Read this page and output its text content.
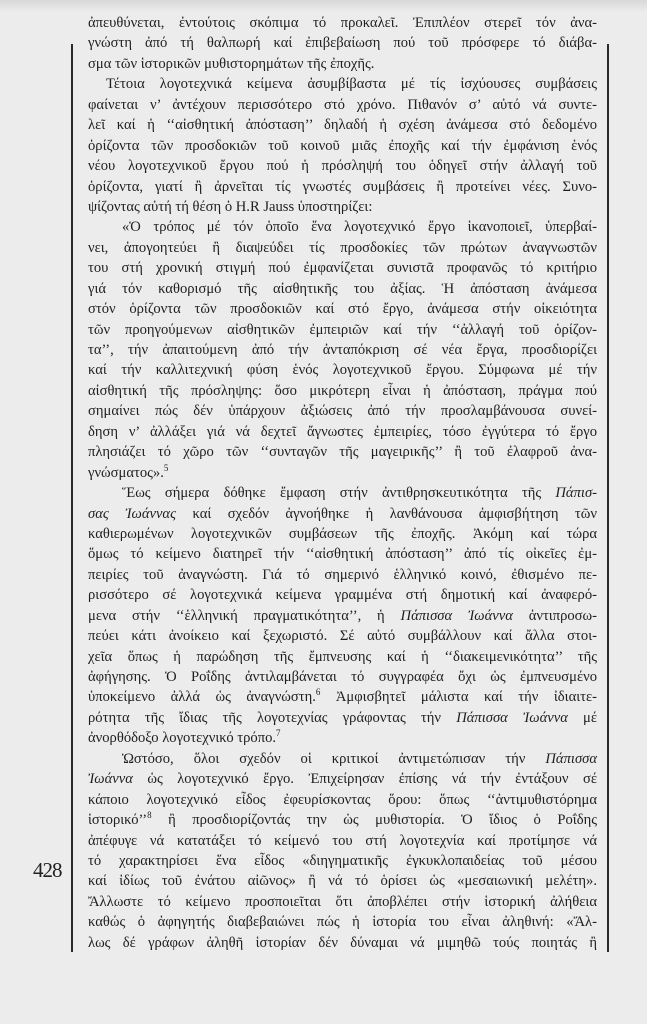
428
ἀπευθύνεται, ἐντούτοις σκόπιμα τό προκαλεῖ. Ἐπιπλέον στερεῖ τόν ἀνα-
γνώστη ἀπό τή θαλπωρή καί ἐπιβεβαίωση πού τοῦ πρόσφερε τό διάβα-
σμα τῶν ἱστορικῶν μυθιστορημάτων τῆς ἐποχῆς.
Τέτοια λογοτεχνικά κείμενα ἀσυμβίβαστα μέ τίς ἰσχύουσες συμβάσεις
φαίνεται ν’ ἀντέχουν περισσότερο στό χρόνο. Πιθανόν σ’ αὐτό νά συντε-
λεῖ καί ἡ ‘‘αἰσθητική ἀπόσταση’’ δηλαδή ἡ σχέση ἀνάμεσα στό δεδομένο
ὁρίζοντα τῶν προσδοκιῶν τοῦ κοινοῦ μιᾶς ἐποχῆς καί τήν ἐμφάνιση ἑνός
νέου λογοτεχνικοῦ ἔργου πού ἡ πρόσληψή του ὁδηγεῖ στήν ἀλλαγή τοῦ
ὁρίζοντα, γιατί ἢ ἀρνεῖται τίς γνωστές συμβάσεις ἢ προτείνει νέες. Συνο-
ψίζοντας αὐτή τή θέση ὁ H.R Jauss ὑποστηρίζει:
«Ὁ τρόπος μέ τόν ὁποῖο ἕνα λογοτεχνικό ἔργο ἱκανοποιεῖ, ὑπερβαί-
νει, ἀπογοητεύει ἢ διαψεύδει τίς προσδοκίες τῶν πρώτων ἀναγνωστῶν
του στή χρονική στιγμή πού ἐμφανίζεται συνιστᾶ προφανῶς τό κριτήριο
γιά τόν καθορισμό τῆς αἰσθητικῆς του ἀξίας. Ἡ ἀπόσταση ἀνάμεσα
στόν ὁρίζοντα τῶν προσδοκιῶν καί στό ἔργο, ἀνάμεσα στήν οἰκειότητα
τῶν προηγούμενων αἰσθητικῶν ἐμπειριῶν καί τήν ‘‘ἀλλαγή τοῦ ὁρίζον-
τα’’, τήν ἀπαιτούμενη ἀπό τήν ἀνταπόκριση σέ νέα ἔργα, προσδιορίζει
καί τήν καλλιτεχνική φύση ἑνός λογοτεχνικοῦ ἔργου. Σύμφωνα μέ τήν
αἰσθητική τῆς πρόσληψης: ὅσο μικρότερη εἶναι ἡ ἀπόσταση, πράγμα πού
σημαίνει πώς δέν ὑπάρχουν ἀξιώσεις ἀπό τήν προσλαμβάνουσα συνεί-
δηση ν’ ἀλλάξει γιά νά δεχτεῖ ἄγνωστες ἐμπειρίες, τόσο ἐγγύτερα τό ἔργο
πλησιάζει τό χῶρο τῶν ‘‘συνταγῶν τῆς μαγειρικῆς’’ ἢ τοῦ ἐλαφροῦ ἀνα-
γνώσματος».$^5$
Ἕως σήμερα δόθηκε ἔμφαση στήν ἀντιθρησκευτικότητα τῆς Πάπισ-
σας Ἰωάννας καί σχεδόν ἀγνοήθηκε ἡ λανθάνουσα ἀμφισβήτηση τῶν
καθιερωμένων λογοτεχνικῶν συμβάσεων τῆς ἐποχῆς. Ἀκόμη καί τώρα
ὅμως τό κείμενο διατηρεῖ τήν ‘‘αἰσθητική ἀπόσταση’’ ἀπό τίς οἰκεῖες ἐμ-
πειρίες τοῦ ἀναγνώστη. Γιά τό σημερινό ἑλληνικό κοινό, ἐθισμένο πε-
ρισσότερο σέ λογοτεχνικά κείμενα γραμμένα στή δημοτική καί ἀναφερό-
μενα στήν ‘‘ἑλληνική πραγματικότητα’’, ἡ Πάπισσα Ἰωάννα ἀντιπροσω-
πεύει κάτι ἀνοίκειο καί ξεχωριστό. Σέ αὐτό συμβάλλουν καί ἄλλα στοι-
χεῖα ὅπως ἡ παρώδηση τῆς ἔμπνευσης καί ἡ ‘‘διακειμενικότητα’’ τῆς
ἀφήγησης. Ὁ Ροΐδης ἀντιλαμβάνεται τό συγγραφέα ὄχι ὡς ἐμπνευσμένο
ὑποκείμενο ἀλλά ὡς ἀναγνώστη.$^6$ Ἀμφισβητεῖ μάλιστα καί τήν ἰδιαιτε-
ρότητα τῆς ἴδιας τῆς λογοτεχνίας γράφοντας τήν Πάπισσα Ἰωάννα μέ
ἀνορθόδοξο λογοτεχνικό τρόπο.$^7$
Ὡστόσο, ὅλοι σχεδόν οἱ κριτικοί ἀντιμετώπισαν τήν Πάπισσα
Ἰωάννα ὡς λογοτεχνικό ἔργο. Ἐπιχείρησαν ἐπίσης νά τήν ἐντάξουν σέ
κάποιο λογοτεχνικό εἶδος ἐφευρίσκοντας ὅρου: ὅπως ‘‘ἀντιμυθιστόρημα
ἱστορικό’’$^8$ ἢ προσδιορίζοντάς την ὡς μυθιστορία. Ὁ ἴδιος ὁ Ροΐδης
ἀπέφυγε νά κατατάξει τό κείμενό του στή λογοτεχνία καί προτίμησε νά
τό χαρακτηρίσει ἕνα εἶδος «διηγηματικῆς ἐγκυκλοπαιδείας τοῦ μέσου
καί ἰδίως τοῦ ἐνάτου αἰῶνος» ἢ νά τό ὁρίσει ὡς «μεσαιωνική μελέτη».
Ἄλλωστε τό κείμενο προσποιεῖται ὅτι ἀποβλέπει στήν ἱστορική ἀλήθεια
καθώς ὁ ἀφηγητής διαβεβαιώνει πώς ἡ ἱστορία του εἶναι ἀληθινή: «Ἄλ-
λως δέ γράφων ἀληθῆ ἱστορίαν δέν δύναμαι νά μιμηθῶ τούς ποιητάς ἢ
